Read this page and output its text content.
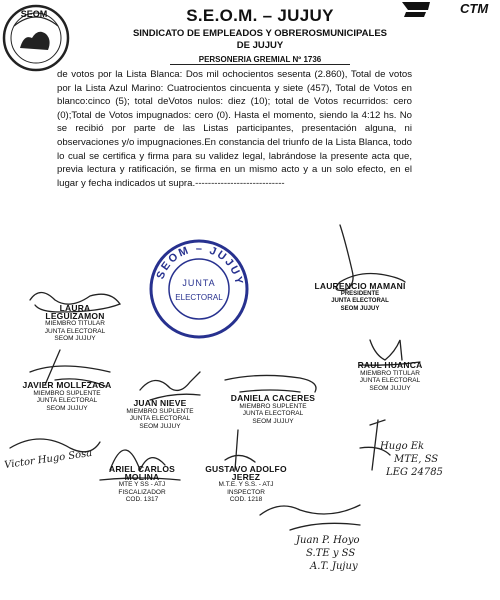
SEOM	S.E.O.M. – JUJUY
SINDICATO DE EMPLEADOS Y OBREROSMUNICIPALES
DE JUJUY
PERSONERIA GREMIAL Nº 1736
CTM

de votos por la Lista Blanca: Dos mil ochocientos sesenta (2.860), Total de votos por la Lista Azul Marino: Cuatrocientos cincuenta y siete (457), Total de Votos en blanco:cinco (5); total deVotos nulos: diez (10); total de Votos recurridos: cero (0);Total de Votos impugnados: cero (0). Hasta el momento, siendo la 4:12 hs. No se recibió por parte de las Listas participantes, presentación alguna, ni observaciones y/o impugnaciones.En constancia del triunfo de la Lista Blanca, todo lo cual se certifica y firma para su validez legal, labrándose la presente acta que, previa lectura y ratificación, se firma en un mismo acto y a un solo efecto, en el lugar y fecha indicados ut supra.----------------------------

SEOM – JUJUY
JUNTA
ELECTORAL
LAURENCIO MAMANI
PRESIDENTE
JUNTA ELECTORAL
SEOM JUJUY
LAURA LEGUIZAMON
MIEMBRO TITULAR
JUNTA ELECTORAL
SEOM JUJUY
JAVIER MOLLFZAGA
MIEMBRO SUPLENTE
JUNTA ELECTORAL
SEOM JUJUY
RAUL HUANCA
MIEMBRO TITULAR
JUNTA ELECTORAL
SEOM JUJUY
JUAN NIEVE
MIEMBRO SUPLENTE
JUNTA ELECTORAL
SEOM JUJUY
DANIELA CACERES
MIEMBRO SUPLENTE
JUNTA ELECTORAL
SEOM JUJUY
ARIEL CARLOS MOLINA
MTE Y SS - ATJ
FISCALIZADOR
COD. 1317
GUSTAVO ADOLFO JEREZ
M.T.E. Y S.S. - ATJ
INSPECTOR
COD. 1218
Victor Hugo Sosa
Hugo Ek
MTE, SS
LEG 24785
Juan P. Hoyo
S.TE y SS
A.T. Jujuy
